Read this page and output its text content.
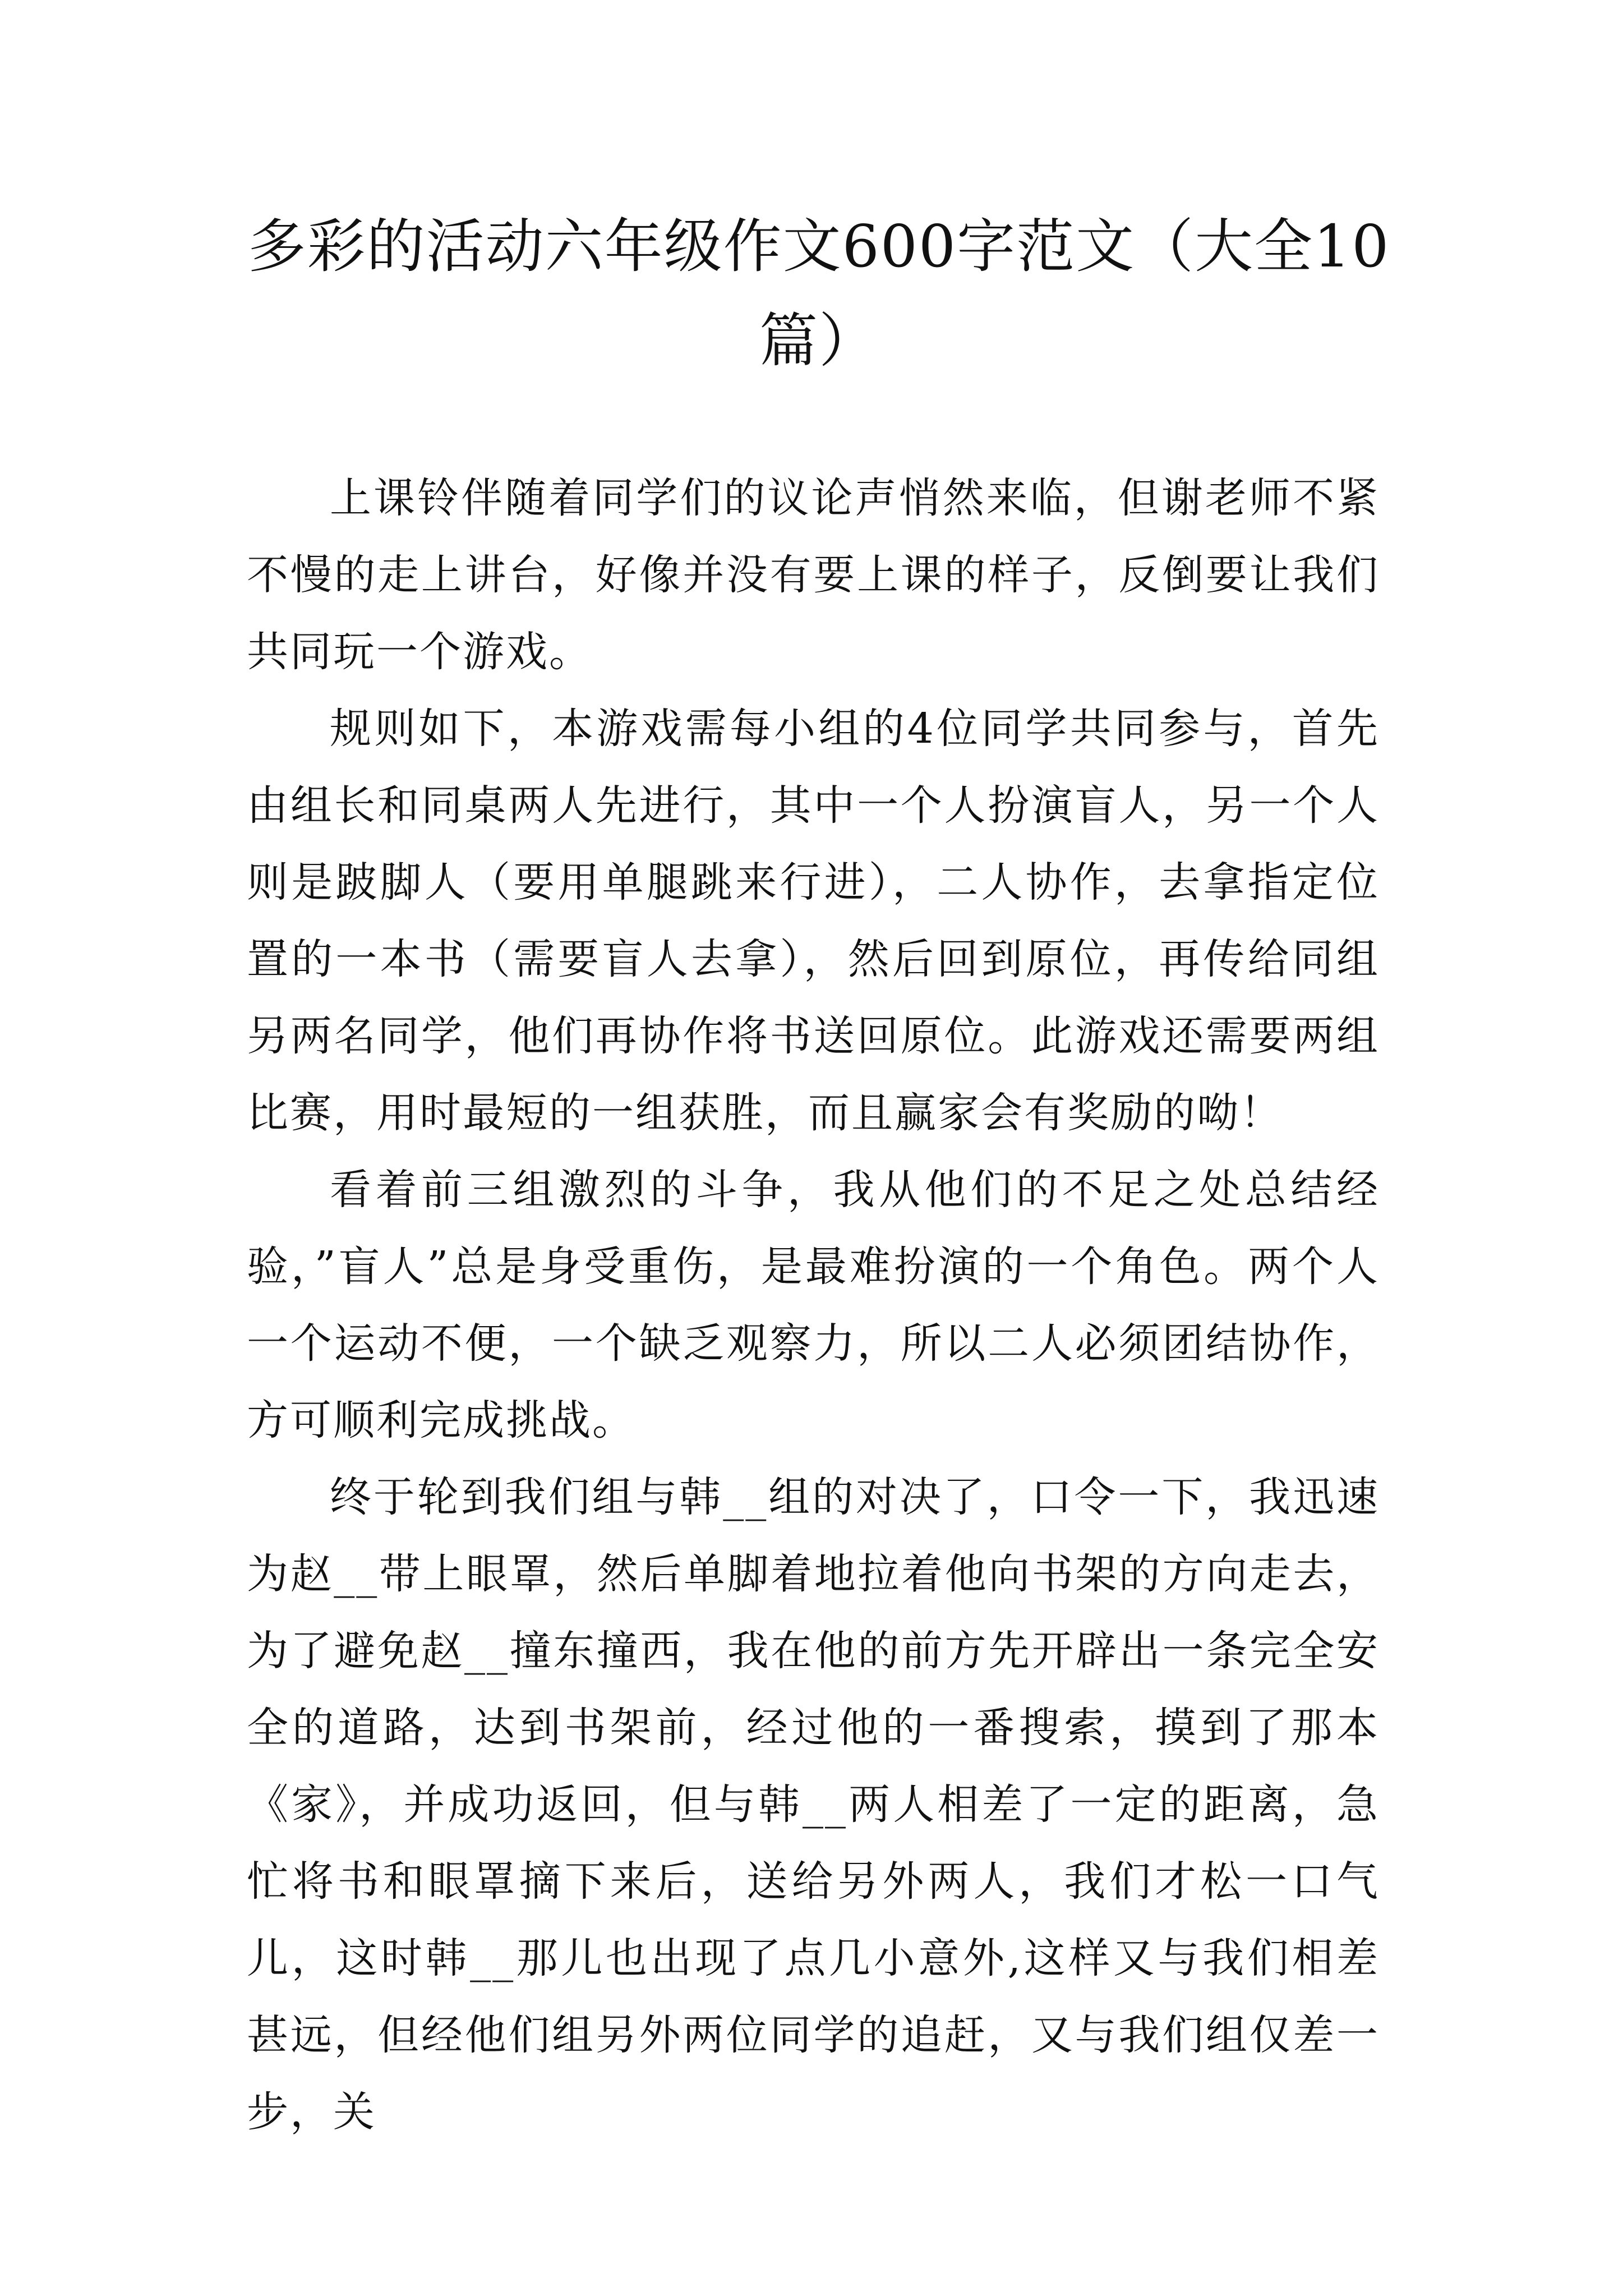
多彩的活动六年级作文600字范文（大全10篇）

上课铃伴随着同学们的议论声悄然来临，但谢老师不紧不慢的走上讲台，好像并没有要上课的样子，反倒要让我们共同玩一个游戏。

规则如下，本游戏需每小组的4位同学共同参与，首先由组长和同桌两人先进行，其中一个人扮演盲人，另一个人则是跛脚人（要用单腿跳来行进），二人协作，去拿指定位置的一本书（需要盲人去拿），然后回到原位，再传给同组另两名同学，他们再协作将书送回原位。此游戏还需要两组比赛，用时最短的一组获胜，而且赢家会有奖励的呦！

看着前三组激烈的斗争，我从他们的不足之处总结经验，”盲人”总是身受重伤，是最难扮演的一个角色。两个人一个运动不便，一个缺乏观察力，所以二人必须团结协作，方可顺利完成挑战。

终于轮到我们组与韩__组的对决了，口令一下，我迅速为赵__带上眼罩，然后单脚着地拉着他向书架的方向走去，为了避免赵__撞东撞西，我在他的前方先开辟出一条完全安全的道路，达到书架前，经过他的一番搜索，摸到了那本《家》，并成功返回，但与韩__两人相差了一定的距离，急忙将书和眼罩摘下来后，送给另外两人，我们才松一口气儿，这时韩__那儿也出现了点几小意外,这样又与我们相差甚远，但经他们组另外两位同学的追赶，又与我们组仅差一步，关
